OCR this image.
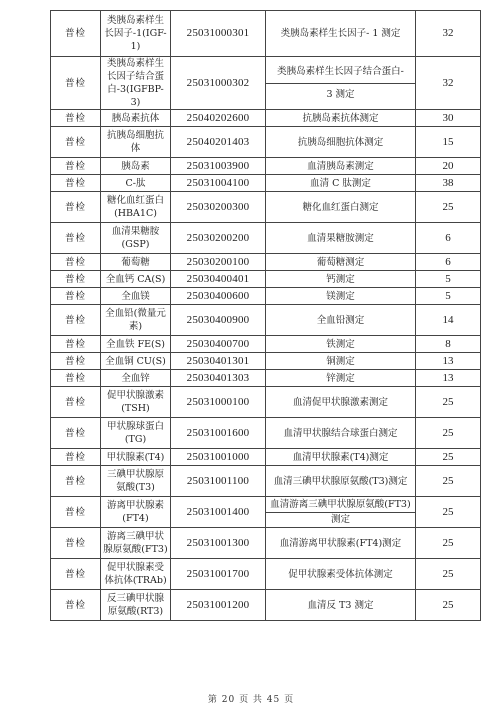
普检	类胰岛素样生长因子-1(IGF-1)	25031000301	类胰岛素样生长因子- 1 测定	32
普检	类胰岛素样生长因子结合蛋白-3(IGFBP-3)	25031000302	类胰岛素样生长因子结合蛋白-
3 测定	32
普检	胰岛素抗体	25040202600	抗胰岛素抗体测定	30
普检	抗胰岛细胞抗体	25040201403	抗胰岛细胞抗体测定	15
普检	胰岛素	25031003900	血清胰岛素测定	20
普检	C-肽	25031004100	血清 C 肽测定	38
普检	糖化血红蛋白(HBA1C)	25030200300	糖化血红蛋白测定	25
普检	血清果糖胺(GSP)	25030200200	血清果糖胺测定	6
普检	葡萄糖	25030200100	葡萄糖测定	6
普检	全血钙 CA(S)	25030400401	钙测定	5
普检	全血镁	25030400600	镁测定	5
普检	全血铅(微量元素)	25030400900	全血铅测定	14
普检	全血铁 FE(S)	25030400700	铁测定	8
普检	全血铜 CU(S)	25030401301	铜测定	13
普检	全血锌	25030401303	锌测定	13
普检	促甲状腺激素(TSH)	25031000100	血清促甲状腺激素测定	25
普检	甲状腺球蛋白(TG)	25031001600	血清甲状腺结合球蛋白测定	25
普检	甲状腺素(T4)	25031001000	血清甲状腺素(T4)测定	25
普检	三碘甲状腺原氨酸(T3)	25031001100	血清三碘甲状腺原氨酸(T3)测定	25
普检	游离甲状腺素(FT4)	25031001400	血清游离三碘甲状腺原氨酸(FT3)
测定	25
普检	游离三碘甲状腺原氨酸(FT3)	25031001300	血清游离甲状腺素(FT4)测定	25
普检	促甲状腺素受体抗体(TRAb)	25031001700	促甲状腺素受体抗体测定	25
普检	反三碘甲状腺原氨酸(RT3)	25031001200	血清反 T3 测定	25
第 20 页 共 45 页
